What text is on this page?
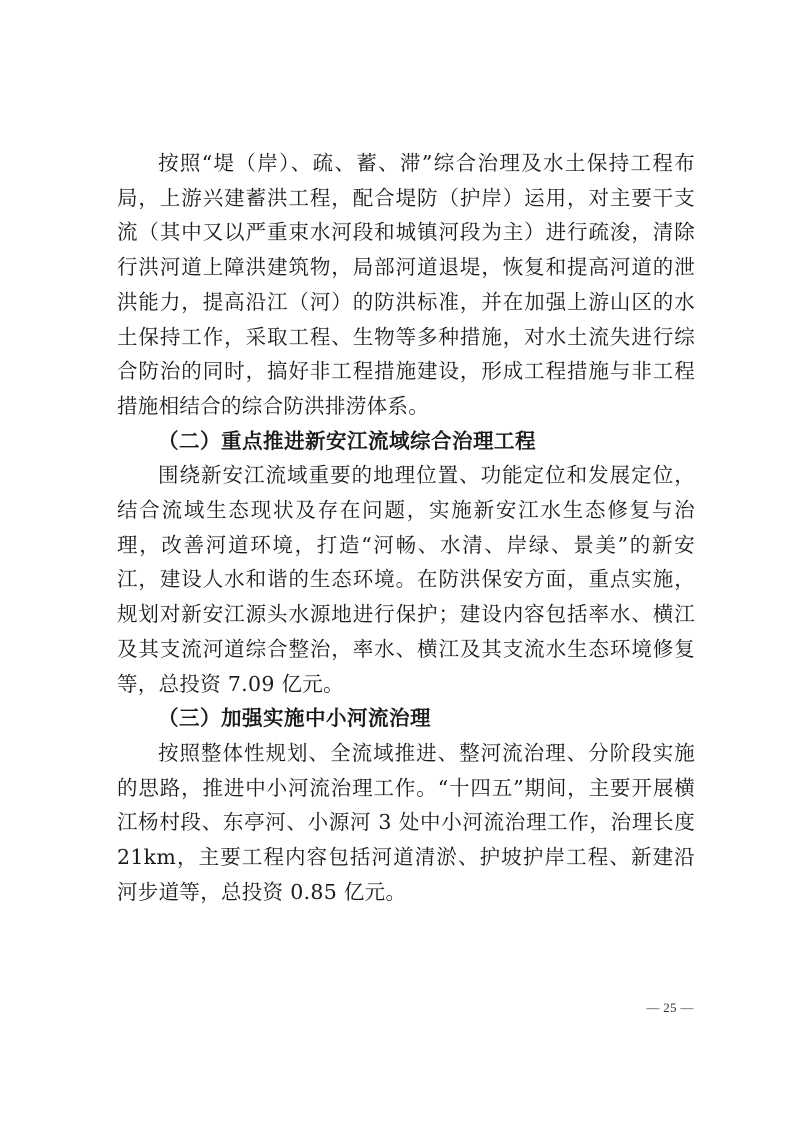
按照“堤（岸）、疏、蓄、滞”综合治理及水土保持工程布局，上游兴建蓄洪工程，配合堤防（护岸）运用，对主要干支流（其中又以严重束水河段和城镇河段为主）进行疏浚，清除行洪河道上障洪建筑物，局部河道退堤，恢复和提高河道的泄洪能力，提高沿江（河）的防洪标准，并在加强上游山区的水土保持工作，采取工程、生物等多种措施，对水土流失进行综合防治的同时，搞好非工程措施建设，形成工程措施与非工程措施相结合的综合防洪排涝体系。

（二）重点推进新安江流域综合治理工程

围绕新安江流域重要的地理位置、功能定位和发展定位，结合流域生态现状及存在问题，实施新安江水生态修复与治理，改善河道环境，打造“河畅、水清、岸绿、景美”的新安江，建设人水和谐的生态环境。在防洪保安方面，重点实施，规划对新安江源头水源地进行保护；建设内容包括率水、横江及其支流河道综合整治，率水、横江及其支流水生态环境修复等，总投资 7.09 亿元。

（三）加强实施中小河流治理

按照整体性规划、全流域推进、整河流治理、分阶段实施的思路，推进中小河流治理工作。“十四五”期间，主要开展横江杨村段、东亭河、小源河 3 处中小河流治理工作，治理长度 21km，主要工程内容包括河道清淤、护坡护岸工程、新建沿河步道等，总投资 0.85 亿元。

— 25 —
